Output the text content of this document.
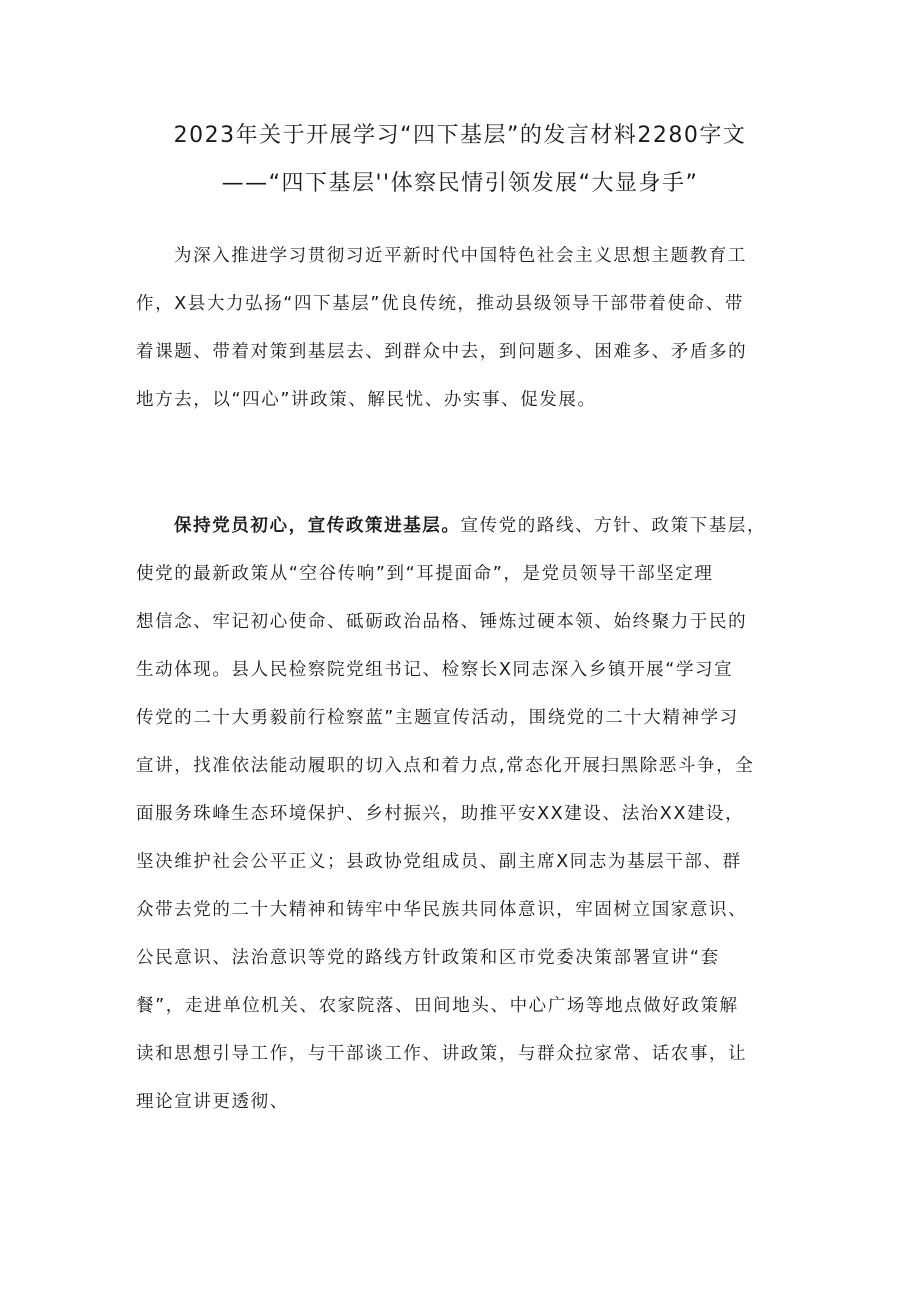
2023年关于开展学习“四下基层”的发言材料2280字文
——“四下基层''体察民情引领发展“大显身手”
为深入推进学习贯彻习近平新时代中国特色社会主义思想主题教育工
作，X县大力弘扬“四下基层”优良传统，推动县级领导干部带着使命、带
着课题、带着对策到基层去、到群众中去，到问题多、困难多、矛盾多的
地方去，以“四心”讲政策、解民忧、办实事、促发展。
保持党员初心，宣传政策进基层。宣传党的路线、方针、政策下基层，
使党的最新政策从“空谷传响”到“耳提面命”，是党员领导干部坚定理
想信念、牢记初心使命、砥砺政治品格、锤炼过硬本领、始终聚力于民的
生动体现。县人民检察院党组书记、检察长X同志深入乡镇开展“学习宣
传党的二十大勇毅前行检察蓝”主题宣传活动，围绕党的二十大精神学习
宣讲，找准依法能动履职的切入点和着力点,常态化开展扫黑除恶斗争，全
面服务珠峰生态环境保护、乡村振兴，助推平安XX建设、法治XX建设，
坚决维护社会公平正义；县政协党组成员、副主席X同志为基层干部、群
众带去党的二十大精神和铸牢中华民族共同体意识，牢固树立国家意识、
公民意识、法治意识等党的路线方针政策和区市党委决策部署宣讲“套
餐”，走进单位机关、农家院落、田间地头、中心广场等地点做好政策解
读和思想引导工作，与干部谈工作、讲政策，与群众拉家常、话农事，让
理论宣讲更透彻、
